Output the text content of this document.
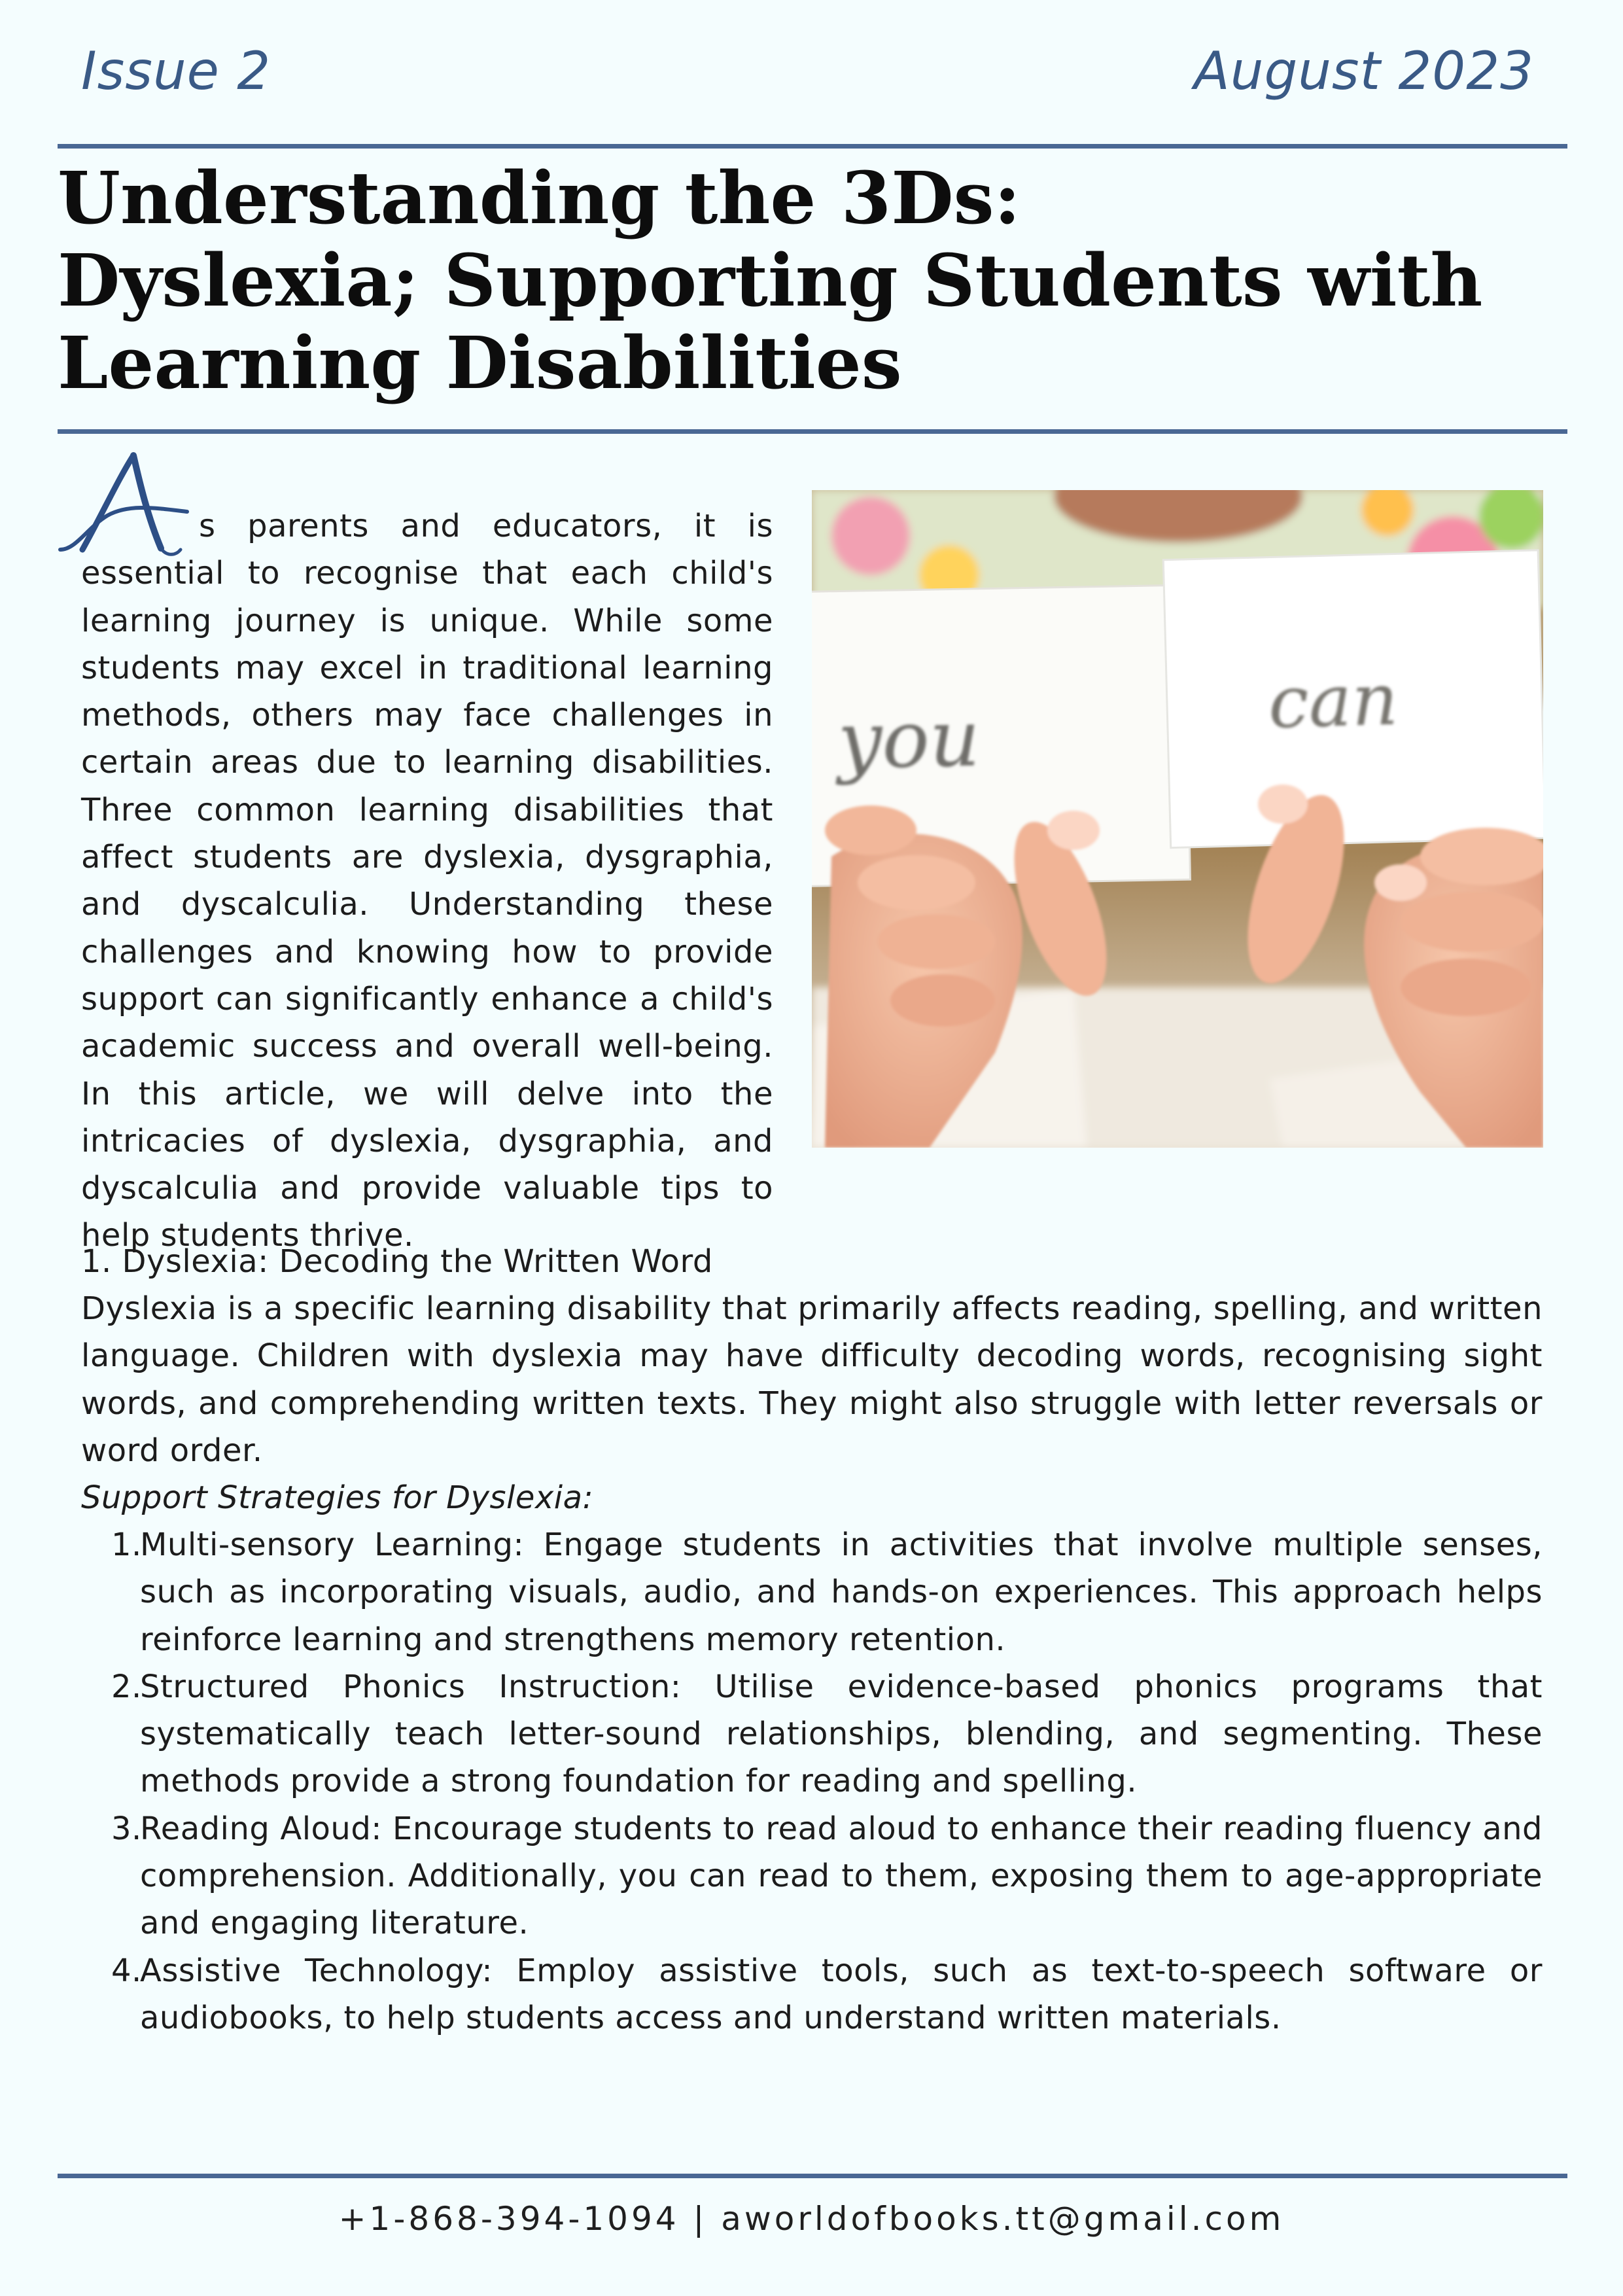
Issue 2	August 2023
Understanding the 3Ds:
Dyslexia; Supporting Students with
Learning Disabilities

A
s parents and educators, it is essential to recognise that each child's learning journey is unique. While some students may excel in traditional learning methods, others may face challenges in certain areas due to learning disabilities. Three common learning disabilities that affect students are dyslexia, dysgraphia, and dyscalculia. Understanding these challenges and knowing how to provide support can significantly enhance a child's academic success and overall well-being. In this article, we will delve into the intricacies of dyslexia, dysgraphia, and dyscalculia and provide valuable tips to help students thrive.

you	can
1. Dyslexia: Decoding the Written Word

Dyslexia is a specific learning disability that primarily affects reading, spelling, and written language. Children with dyslexia may have difficulty decoding words, recognising sight words, and comprehending written texts. They might also struggle with letter reversals or word order.

Support Strategies for Dyslexia:
1.
Multi-sensory Learning: Engage students in activities that involve multiple senses, such as incorporating visuals, audio, and hands-on experiences. This approach helps reinforce learning and strengthens memory retention.
2.
Structured Phonics Instruction: Utilise evidence-based phonics programs that systematically teach letter-sound relationships, blending, and segmenting. These methods provide a strong foundation for reading and spelling.
3.
Reading Aloud: Encourage students to read aloud to enhance their reading fluency and comprehension. Additionally, you can read to them, exposing them to age-appropriate and engaging literature.
4.
Assistive Technology: Employ assistive tools, such as text-to-speech software or audiobooks, to help students access and understand written materials.
+1-868-394-1094 | aworldofbooks.tt@gmail.com
